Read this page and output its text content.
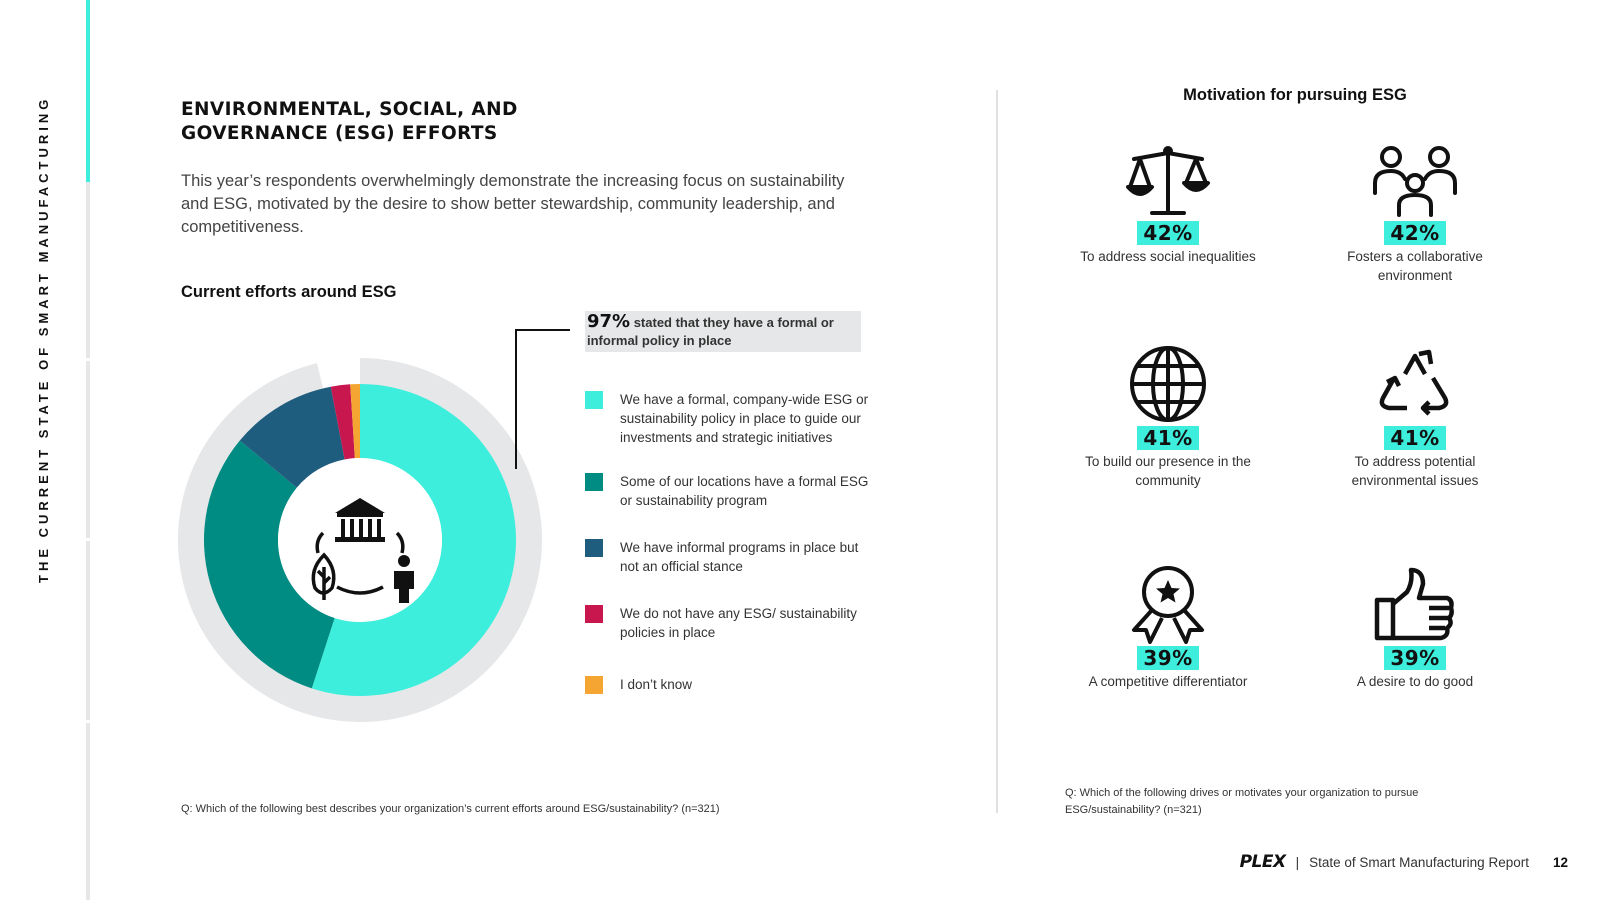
THE CURRENT STATE OF SMART MANUFACTURING	ENVIRONMENTAL, SOCIAL, AND
GOVERNANCE (ESG) EFFORTS

This year’s respondents overwhelmingly demonstrate the increasing focus on sustainability and ESG, motivated by the desire to show better stewardship, community leadership, and competitiveness.

Current efforts around ESG
97% stated that they have a formal or informal policy in place
We have a formal, company-wide ESG or sustainability policy in place to guide our investments and strategic initiatives
Some of our locations have a formal ESG or sustainability program
We have informal programs in place but not an official stance
We do not have any ESG/ sustainability policies in place
I don’t know
Q: Which of the following best describes your organization’s current efforts around ESG/sustainability? (n=321)
Motivation for pursuing ESG
42%
To address social inequalities
42%
Fosters a collaborative environment
41%
To build our presence in the community
41%
To address potential environmental issues
39%
A competitive differentiator
39%
A desire to do good
Q: Which of the following drives or motivates your organization to pursue ESG/sustainability? (n=321)
PLEX | State of Smart Manufacturing Report 12
